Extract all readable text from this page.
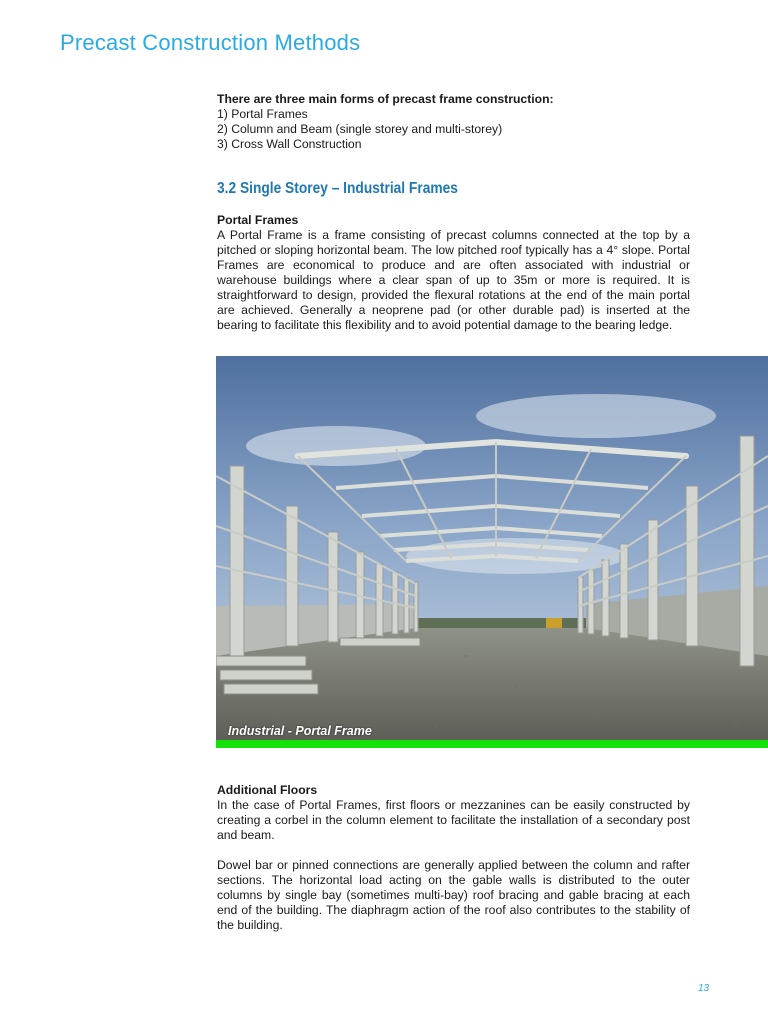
Precast Construction Methods
There are three main forms of precast frame construction:
1) Portal Frames
2) Column and Beam (single storey and multi-storey)
3) Cross Wall Construction
3.2 Single Storey – Industrial Frames
Portal Frames
A Portal Frame is a frame consisting of precast columns connected at the top by a pitched or sloping horizontal beam. The low pitched roof typically has a 4° slope. Portal Frames are economical to produce and are often associated with industrial or warehouse buildings where a clear span of up to 35m or more is required. It is straightforward to design, provided the flexural rotations at the end of the main portal are achieved. Generally a neoprene pad (or other durable pad) is inserted at the bearing to facilitate this flexibility and to avoid potential damage to the bearing ledge.
Industrial - Portal Frame
Additional Floors

In the case of Portal Frames, first floors or mezzanines can be easily constructed by creating a corbel in the column element to facilitate the installation of a secondary post and beam.

Dowel bar or pinned connections are generally applied between the column and rafter sections. The horizontal load acting on the gable walls is distributed to the outer columns by single bay (sometimes multi-bay) roof bracing and gable bracing at each end of the building. The diaphragm action of the roof also contributes to the stability of the building.

13
